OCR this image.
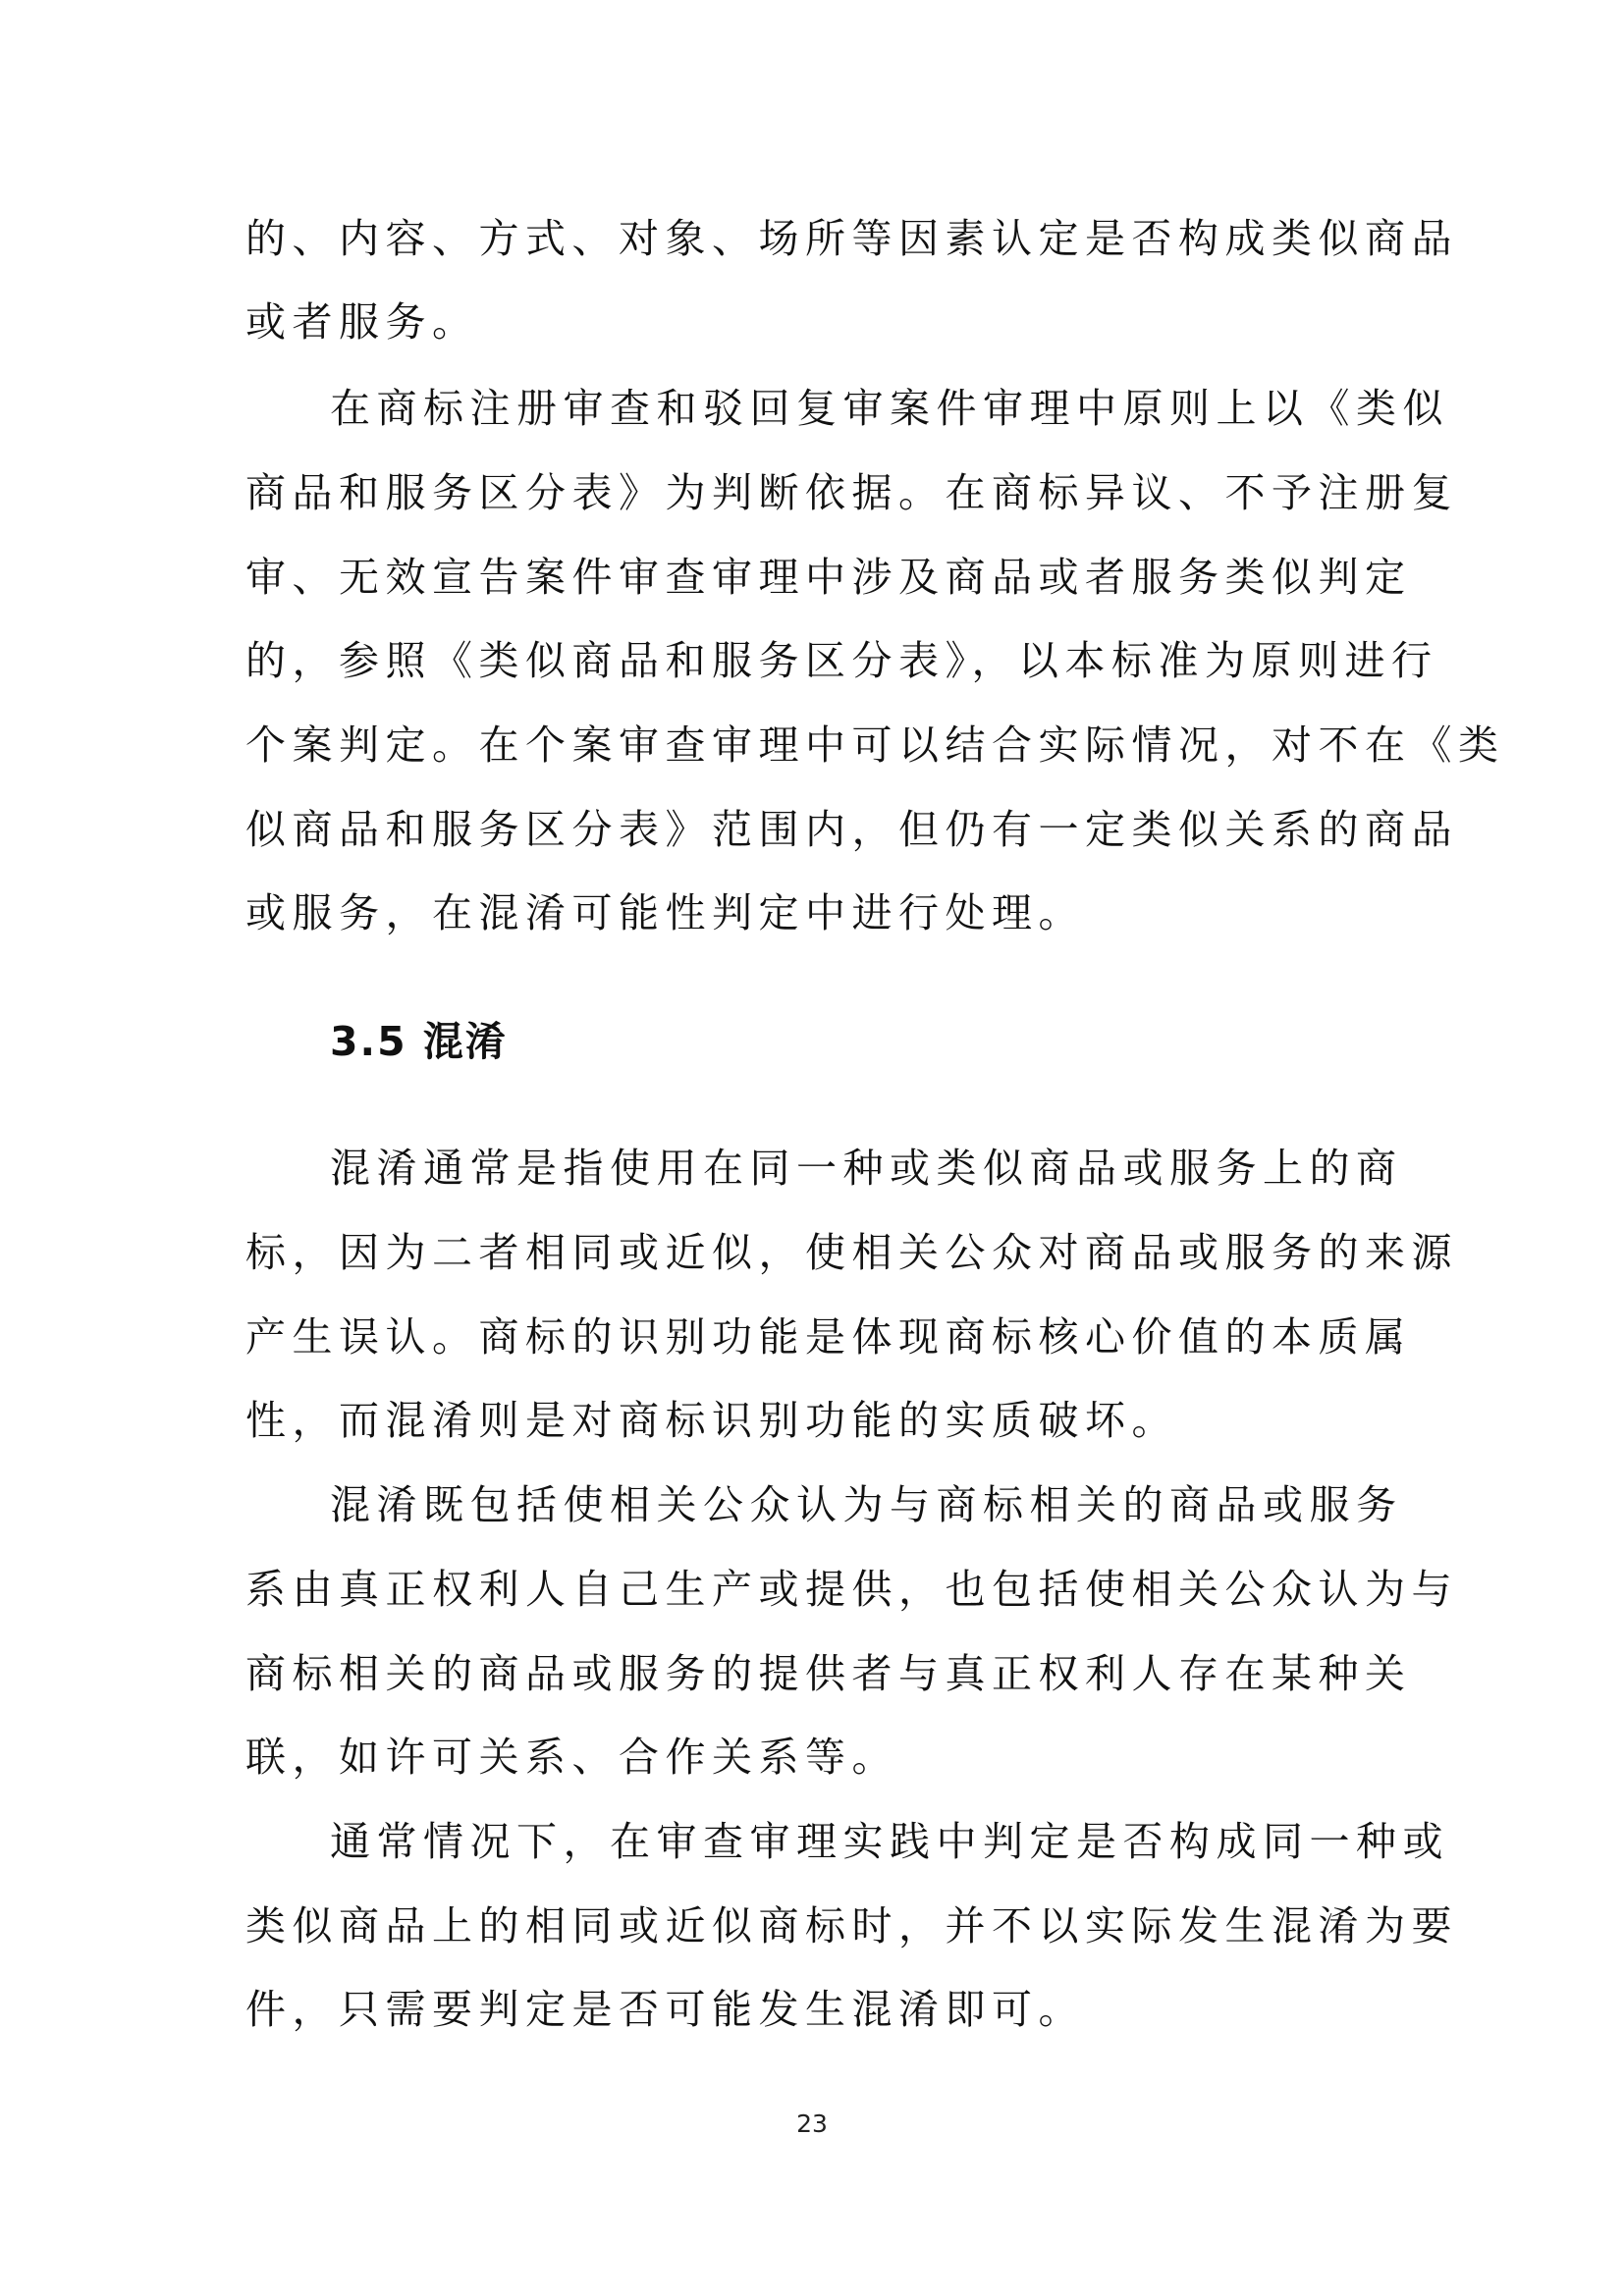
的、内容、方式、对象、场所等因素认定是否构成类似商品
或者服务。
在商标注册审查和驳回复审案件审理中原则上以《类似
商品和服务区分表》为判断依据。在商标异议、不予注册复
审、无效宣告案件审查审理中涉及商品或者服务类似判定
的，参照《类似商品和服务区分表》，以本标准为原则进行
个案判定。在个案审查审理中可以结合实际情况，对不在《类
似商品和服务区分表》范围内，但仍有一定类似关系的商品
或服务，在混淆可能性判定中进行处理。
3.5 混淆
混淆通常是指使用在同一种或类似商品或服务上的商
标，因为二者相同或近似，使相关公众对商品或服务的来源
产生误认。商标的识别功能是体现商标核心价值的本质属
性，而混淆则是对商标识别功能的实质破坏。
混淆既包括使相关公众认为与商标相关的商品或服务
系由真正权利人自己生产或提供，也包括使相关公众认为与
商标相关的商品或服务的提供者与真正权利人存在某种关
联，如许可关系、合作关系等。
通常情况下，在审查审理实践中判定是否构成同一种或
类似商品上的相同或近似商标时，并不以实际发生混淆为要
件，只需要判定是否可能发生混淆即可。
23
